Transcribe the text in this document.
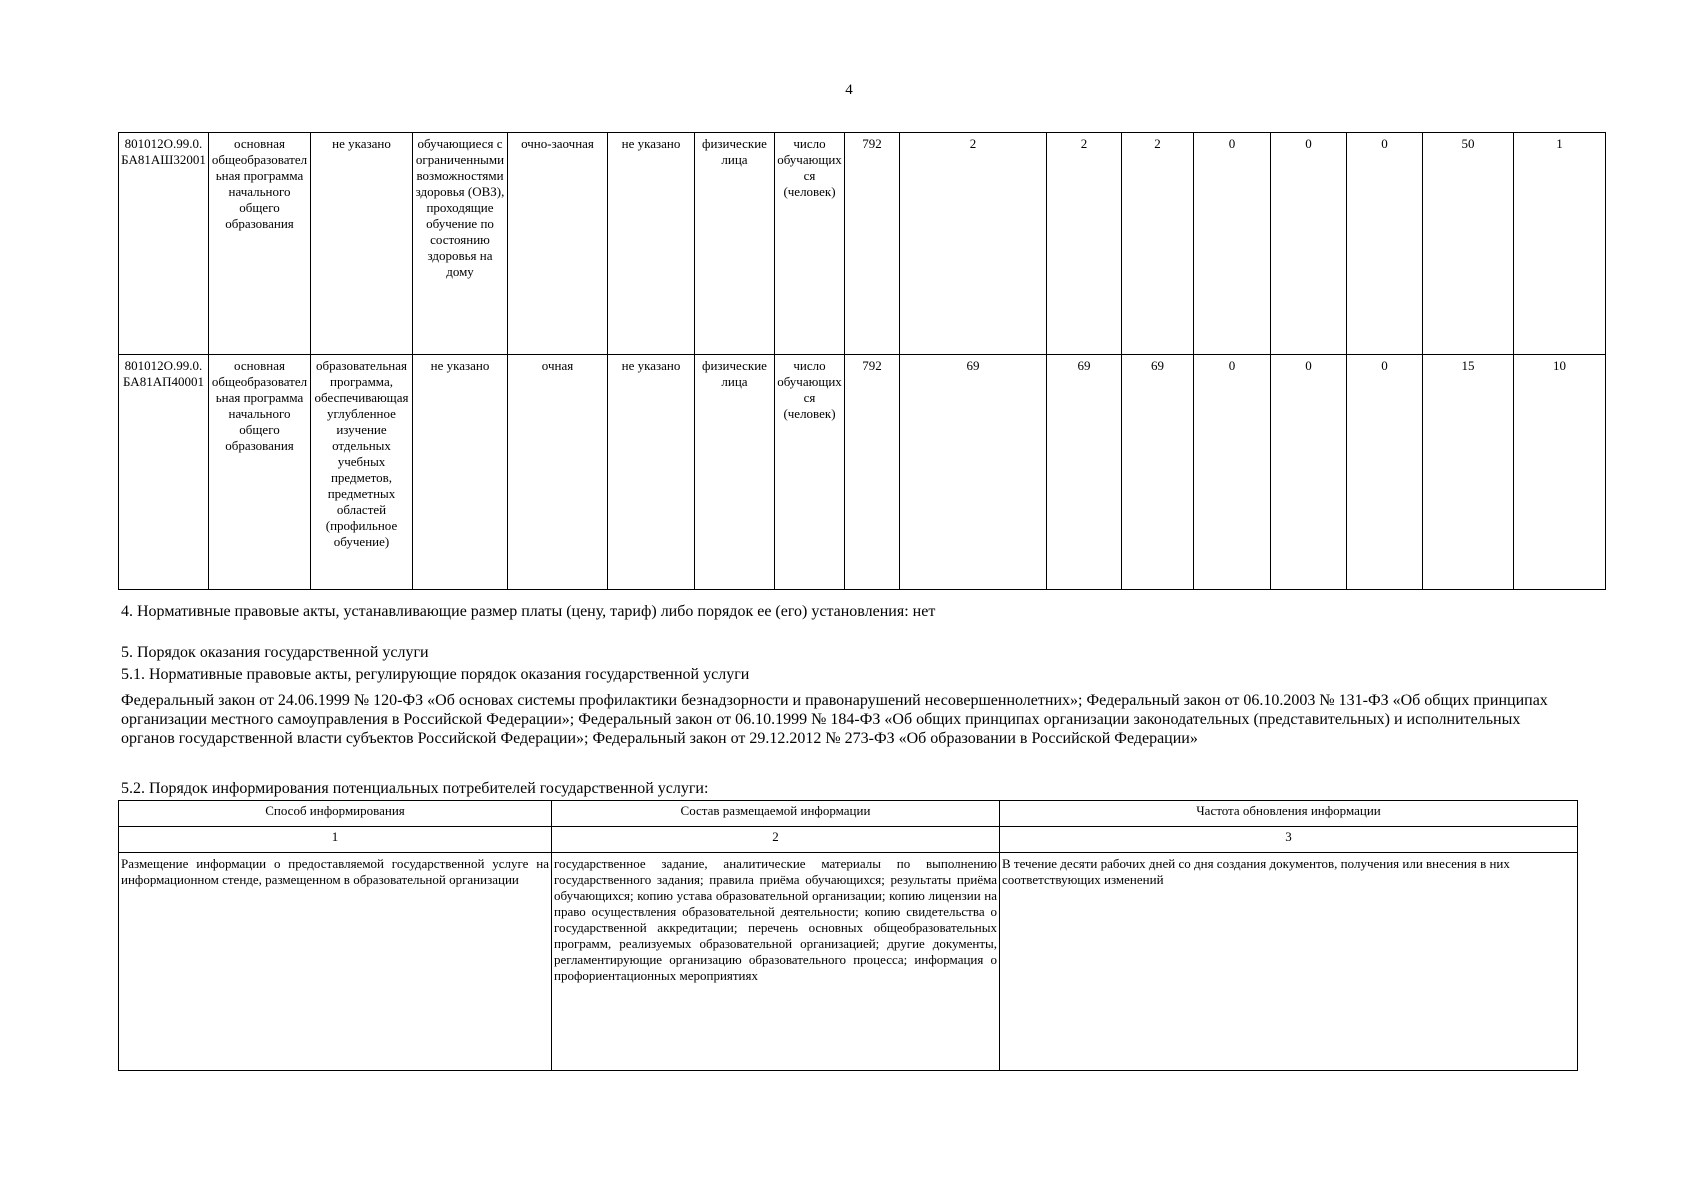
4
801012О.99.0.БА81АШ32001	основная общеобразовательная программа начального общего образования	не указано	обучающиеся с ограниченными возможностями здоровья (ОВЗ), проходящие обучение по состоянию здоровья на дому	очно-заочная	не указано	физические лица	число обучающихся (человек)	792	2	2	2	0	0	0	50	1
801012О.99.0.БА81АП40001	основная общеобразовательная программа начального общего образования	образовательная программа, обеспечивающая углубленное изучение отдельных учебных предметов, предметных областей (профильное обучение)	не указано	очная	не указано	физические лица	число обучающихся (человек)	792	69	69	69	0	0	0	15	10
4. Нормативные правовые акты, устанавливающие размер платы (цену, тариф) либо порядок ее (его) установления: нет
5. Порядок оказания государственной услуги
5.1. Нормативные правовые акты, регулирующие порядок оказания государственной услуги
Федеральный закон от 24.06.1999 № 120-ФЗ «Об основах системы профилактики безнадзорности и правонарушений несовершеннолетних»; Федеральный закон от 06.10.2003 № 131-ФЗ «Об общих принципах организации местного самоуправления в Российской Федерации»; Федеральный закон от 06.10.1999 № 184-ФЗ «Об общих принципах организации законодательных (представительных) и исполнительных органов государственной власти субъектов Российской Федерации»; Федеральный закон от 29.12.2012 № 273-ФЗ «Об образовании в Российской Федерации»
5.2. Порядок информирования потенциальных потребителей государственной услуги:
Способ информирования	Состав размещаемой информации	Частота обновления информации
1	2	3
Размещение информации о предоставляемой государственной услуге на информационном стенде, размещенном в образовательной организации	государственное задание, аналитические материалы по выполнению государственного задания; правила приёма обучающихся; результаты приёма обучающихся; копию устава образовательной организации; копию лицензии на право осуществления образовательной деятельности; копию свидетельства о государственной аккредитации; перечень основных общеобразовательных программ, реализуемых образовательной организацией; другие документы, регламентирующие организацию образовательного процесса; информация о профориентационных мероприятиях	В течение десяти рабочих дней со дня создания документов, получения или внесения в них соответствующих изменений
